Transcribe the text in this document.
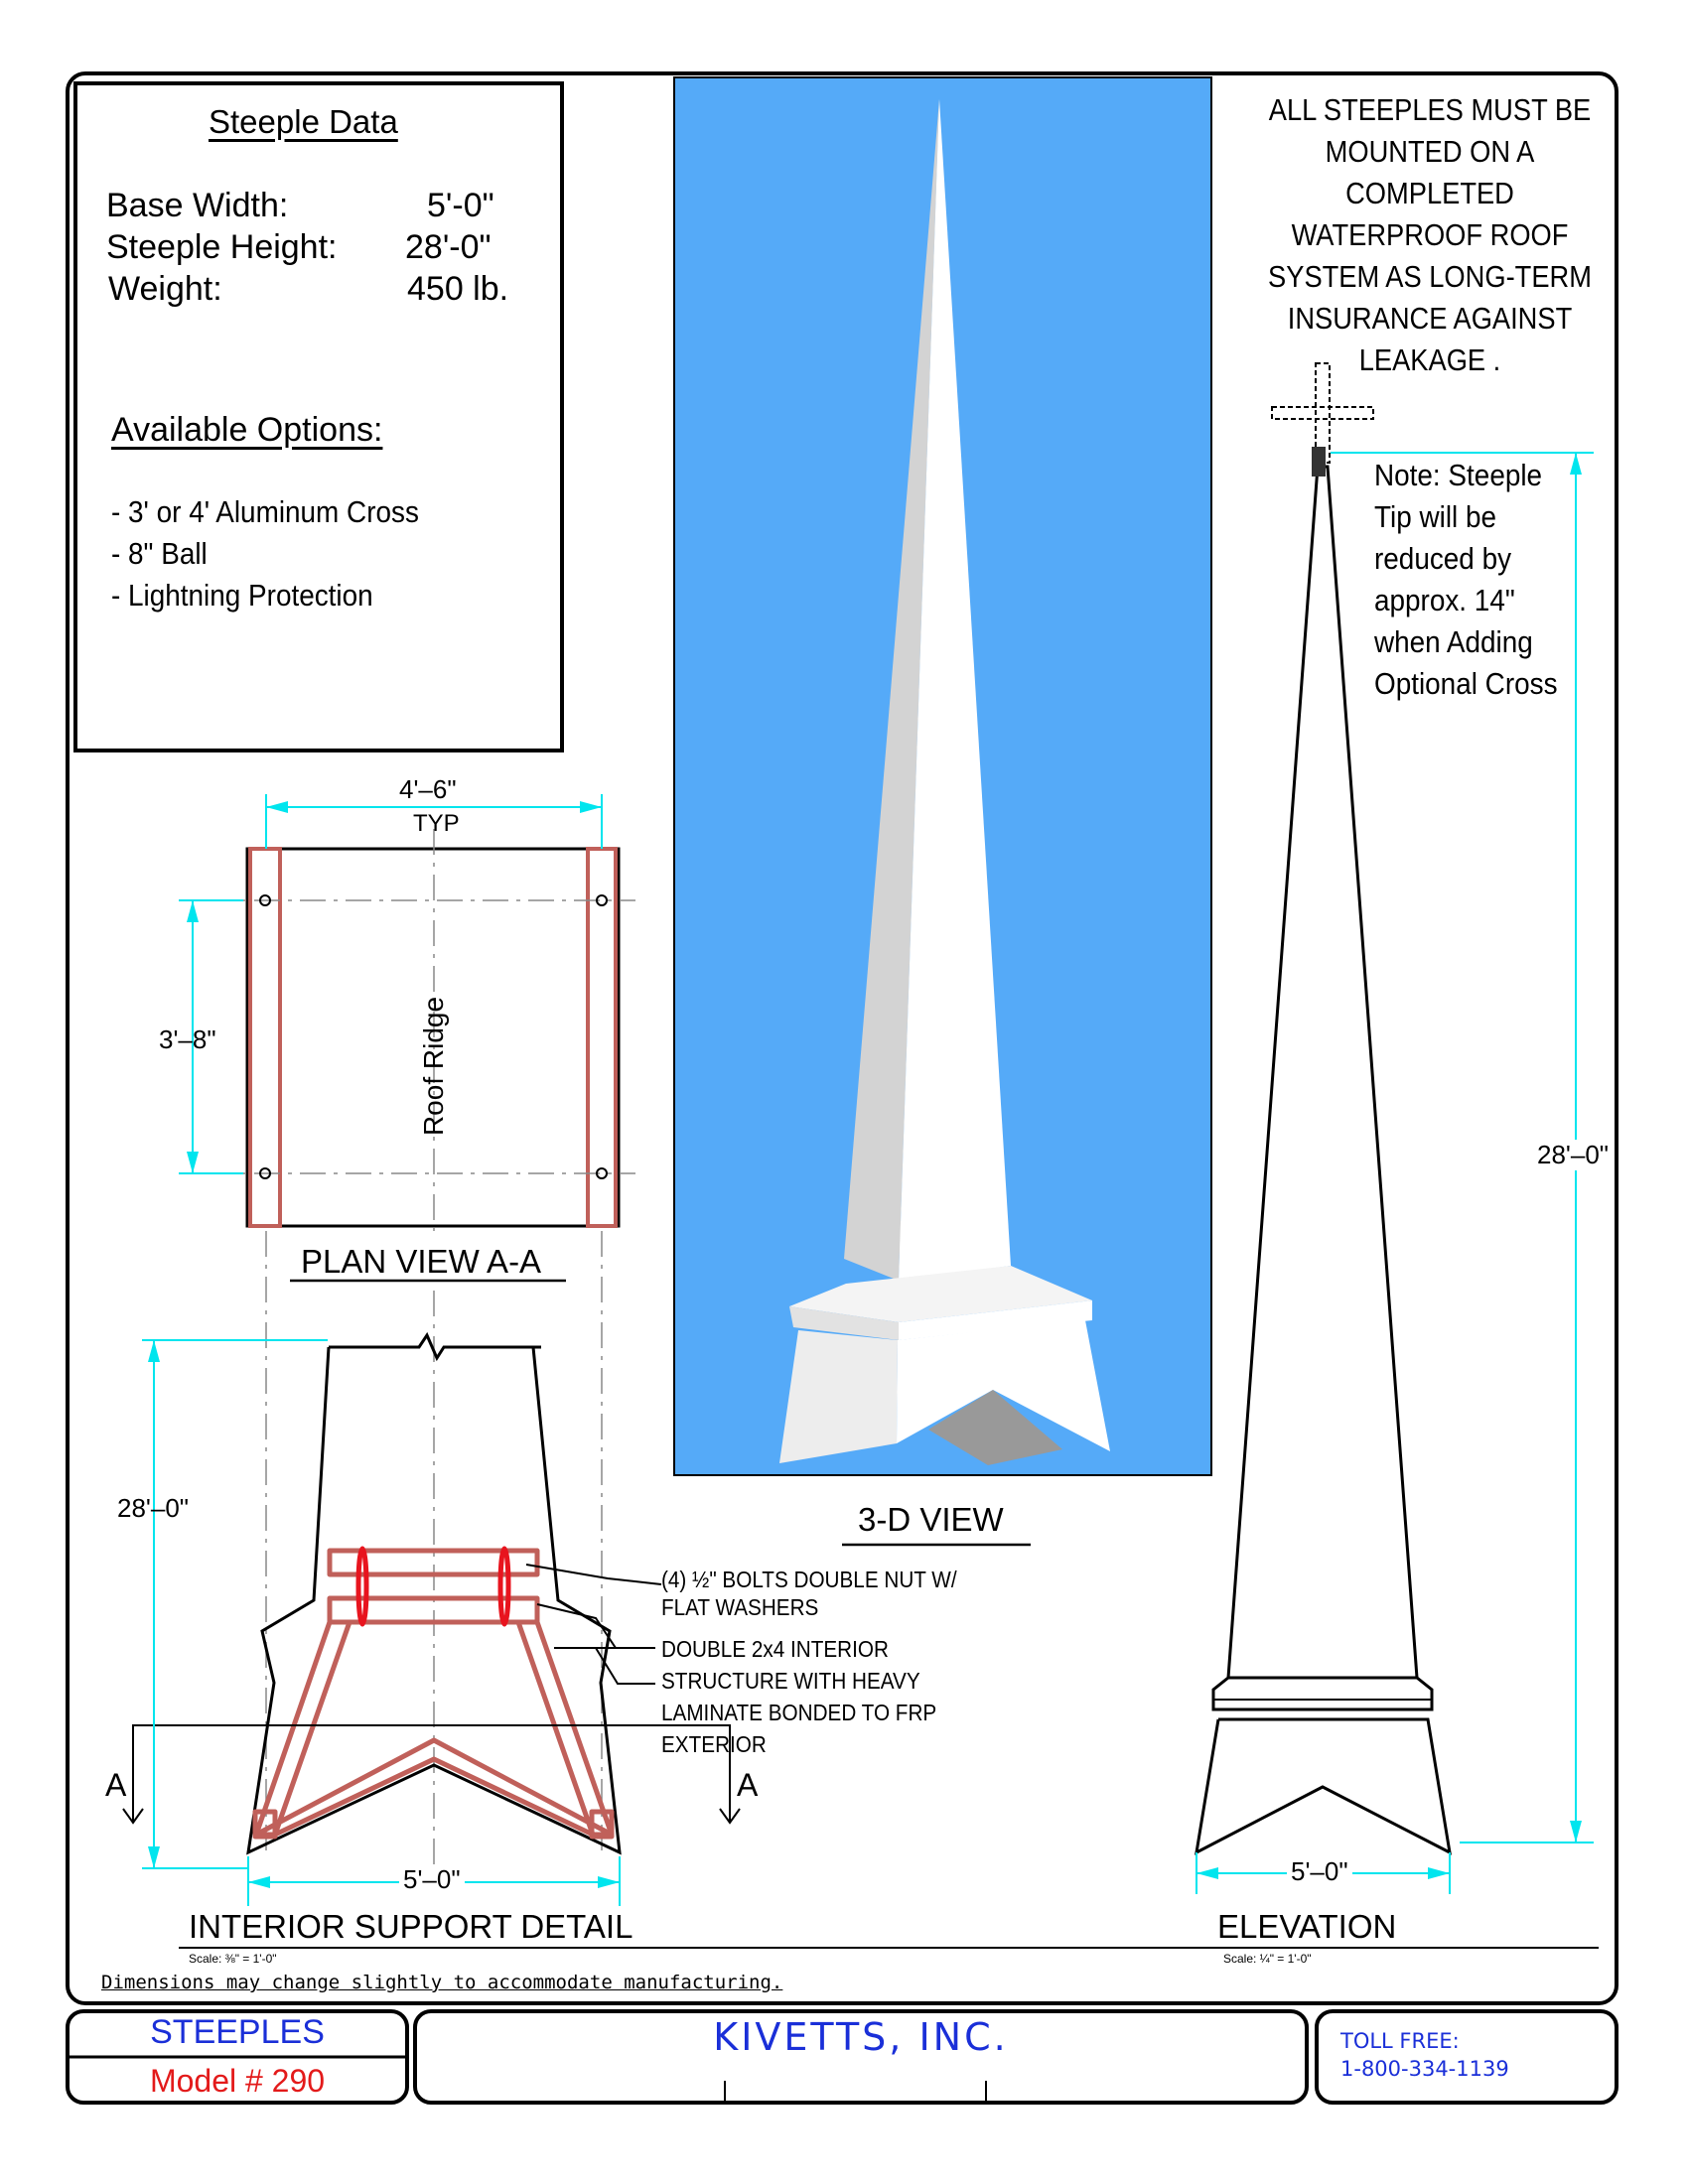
Steeple Data
Base Width:	5'-0"
Steeple Height: 28'-0"
Weight:	450 lb.
Available Options:
- 3' or 4' Aluminum Cross
- 8" Ball
- Lightning Protection
ALL STEEPLES MUST BE
MOUNTED ON A
COMPLETED
WATERPROOF ROOF
SYSTEM AS LONG-TERM
INSURANCE AGAINST
LEAKAGE .
Note: Steeple
Tip will be
reduced by
approx. 14"
when Adding
Optional Cross
4'–6"
TYP
3'–8"	Roof Ridge
PLAN VIEW A-A
3-D VIEW
28'–0"
A	A
5'–0"
(4) ½" BOLTS DOUBLE NUT W/
FLAT WASHERS
DOUBLE 2x4 INTERIOR
STRUCTURE WITH HEAVY
LAMINATE BONDED TO FRP
EXTERIOR
INTERIOR SUPPORT DETAIL
Scale: ⅜" = 1'-0"
28'–0"
5'–0"
ELEVATION
Scale: ¼" = 1'-0"
Dimensions may change slightly to accommodate manufacturing.
STEEPLES
Model # 290
KIVETTS, INC.	TOLL FREE:
1-800-334-1139
